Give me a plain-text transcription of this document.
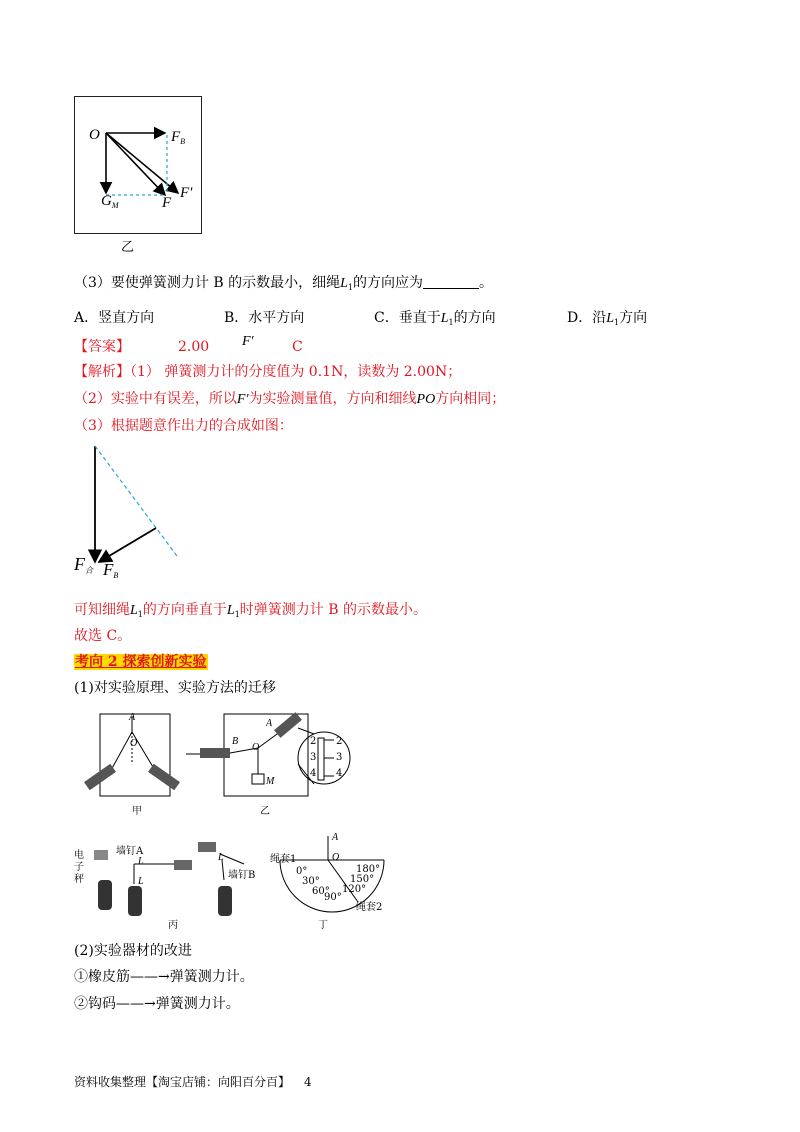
O	$F_B$
F′
$G_M$	F
乙
（3）要使弹簧测力计 B 的示数最小，细绳$L_1$的方向应为	。
A．竖直方向	B．水平方向	C．垂直于$L_1$的方向	D．沿$L_1$方向
【答案】	2.00 F′	C
【解析】（1） 弹簧测力计的分度值为 0.1N，读数为 2.00N；
（2）实验中有误差，所以F′为实验测量值，方向和细线PO方向相同；
（3）根据题意作出力的合成如图：
$F_合$ $F_B$
可知细绳$L_1$的方向垂直于$L_1$时弹簧测力计 B 的示数最小。
故选 C。
考向 2 探索创新实验
(1)对实验原理、实验方法的迁移
A
O
A
O
B
M
2
3
4
2
3
4
甲	乙
电子秤
墙钉A
墙钉B
L
L
L
A
O
绳套1
绳套2
0°
30°
60°
90°
120°
150°
180°
丙	丁
(2)实验器材的改进
①橡皮筋——→弹簧测力计。
②钩码——→弹簧测力计。
资料收集整理【淘宝店铺：向阳百分百】 4
